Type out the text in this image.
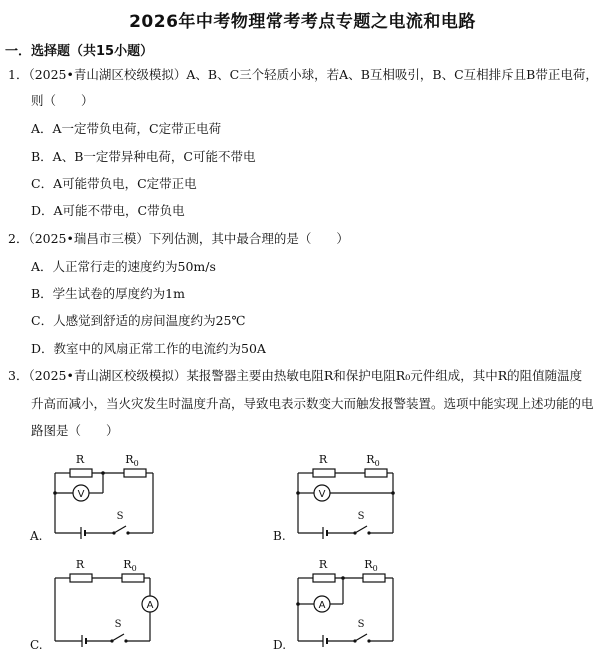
2026年中考物理常考考点专题之电流和电路
一．选择题（共15小题）
1．（2025•青山湖区校级模拟）A、B、C三个轻质小球，若A、B互相吸引，B、C互相排斥且B带正电荷，
则（　　）
A．A一定带负电荷，C定带正电荷
B．A、B一定带异种电荷，C可能不带电
C．A可能带负电，C定带正电
D．A可能不带电，C带负电
2．（2025•瑞昌市三模）下列估测，其中最合理的是（　　）
A．人正常行走的速度约为50m/s
B．学生试卷的厚度约为1m
C．人感觉到舒适的房间温度约为25℃
D．教室中的风扇正常工作的电流约为50A
3．（2025•青山湖区校级模拟）某报警器主要由热敏电阻R和保护电阻R₀元件组成，其中R的阻值随温度
升高而减小，当火灾发生时温度升高，导致电表示数变大而触发报警装置。选项中能实现上述功能的电
路图是（　　）
V
R	$R_0$
S
A.
V
R	$R_0$
S
B.
A
R	$R_0$
S
C.
A
R	$R_0$
S
D.
